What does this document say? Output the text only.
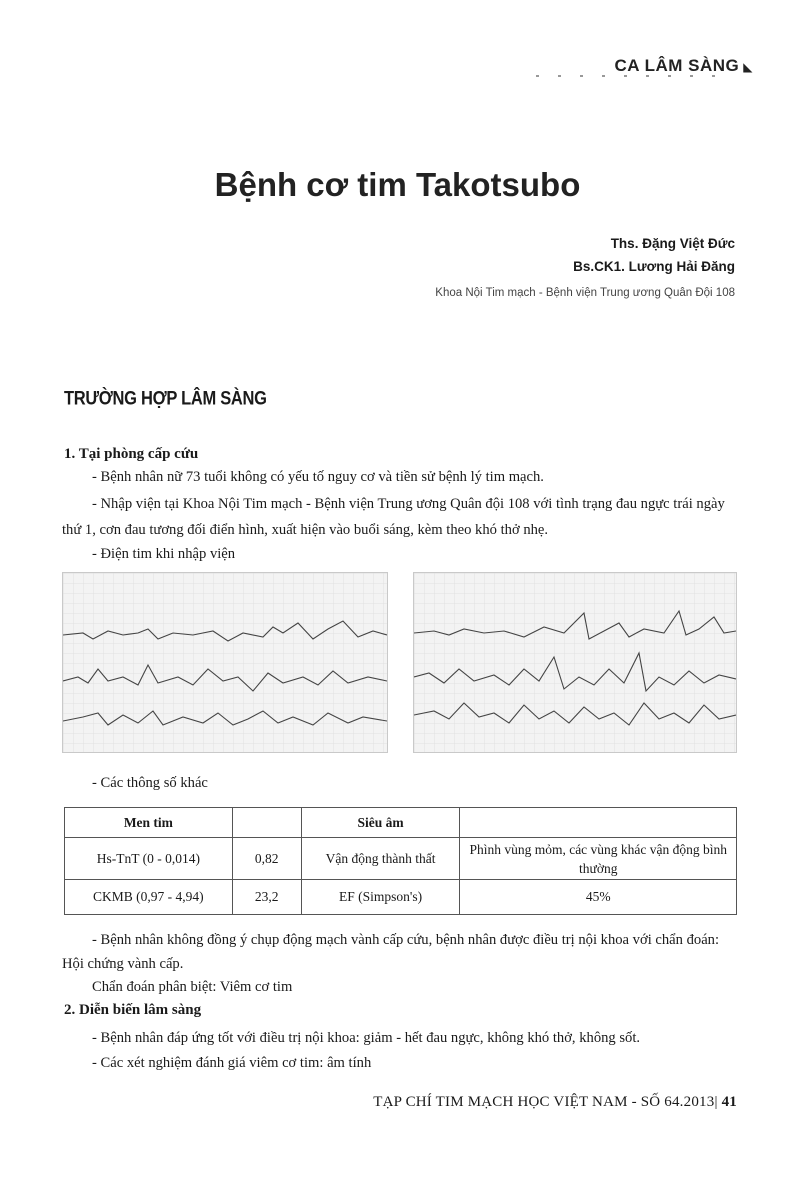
CA LÂM SÀNG ◣
Bệnh cơ tim Takotsubo
Ths. Đặng Việt Đức
Bs.CK1. Lương Hải Đăng
Khoa Nội Tim mạch - Bệnh viện Trung ương Quân Đội 108
TRƯỜNG HỢP LÂM SÀNG
1. Tại phòng cấp cứu
- Bệnh nhân nữ 73 tuổi không có yếu tố nguy cơ và tiền sử bệnh lý tim mạch.
- Nhập viện tại Khoa Nội Tim mạch - Bệnh viện Trung ương Quân đội 108 với tình trạng đau ngực trái ngày thứ 1, cơn đau tương đối điển hình, xuất hiện vào buổi sáng, kèm theo khó thở nhẹ.
- Điện tim khi nhập viện
- Các thông số khác
Men tim		Siêu âm	
Hs-TnT (0 - 0,014)	0,82	Vận động thành thất	Phình vùng mỏm, các vùng khác vận động bình thường
CKMB (0,97 - 4,94)	23,2	EF (Simpson's)	45%
- Bệnh nhân không đồng ý chụp động mạch vành cấp cứu, bệnh nhân được điều trị nội khoa với chẩn đoán: Hội chứng vành cấp.
Chẩn đoán phân biệt: Viêm cơ tim
2. Diễn biến lâm sàng
- Bệnh nhân đáp ứng tốt với điều trị nội khoa: giảm - hết đau ngực, không khó thở, không sốt.
- Các xét nghiệm đánh giá viêm cơ tim: âm tính
TẠP CHÍ TIM MẠCH HỌC VIỆT NAM - SỐ 64.2013| 41
